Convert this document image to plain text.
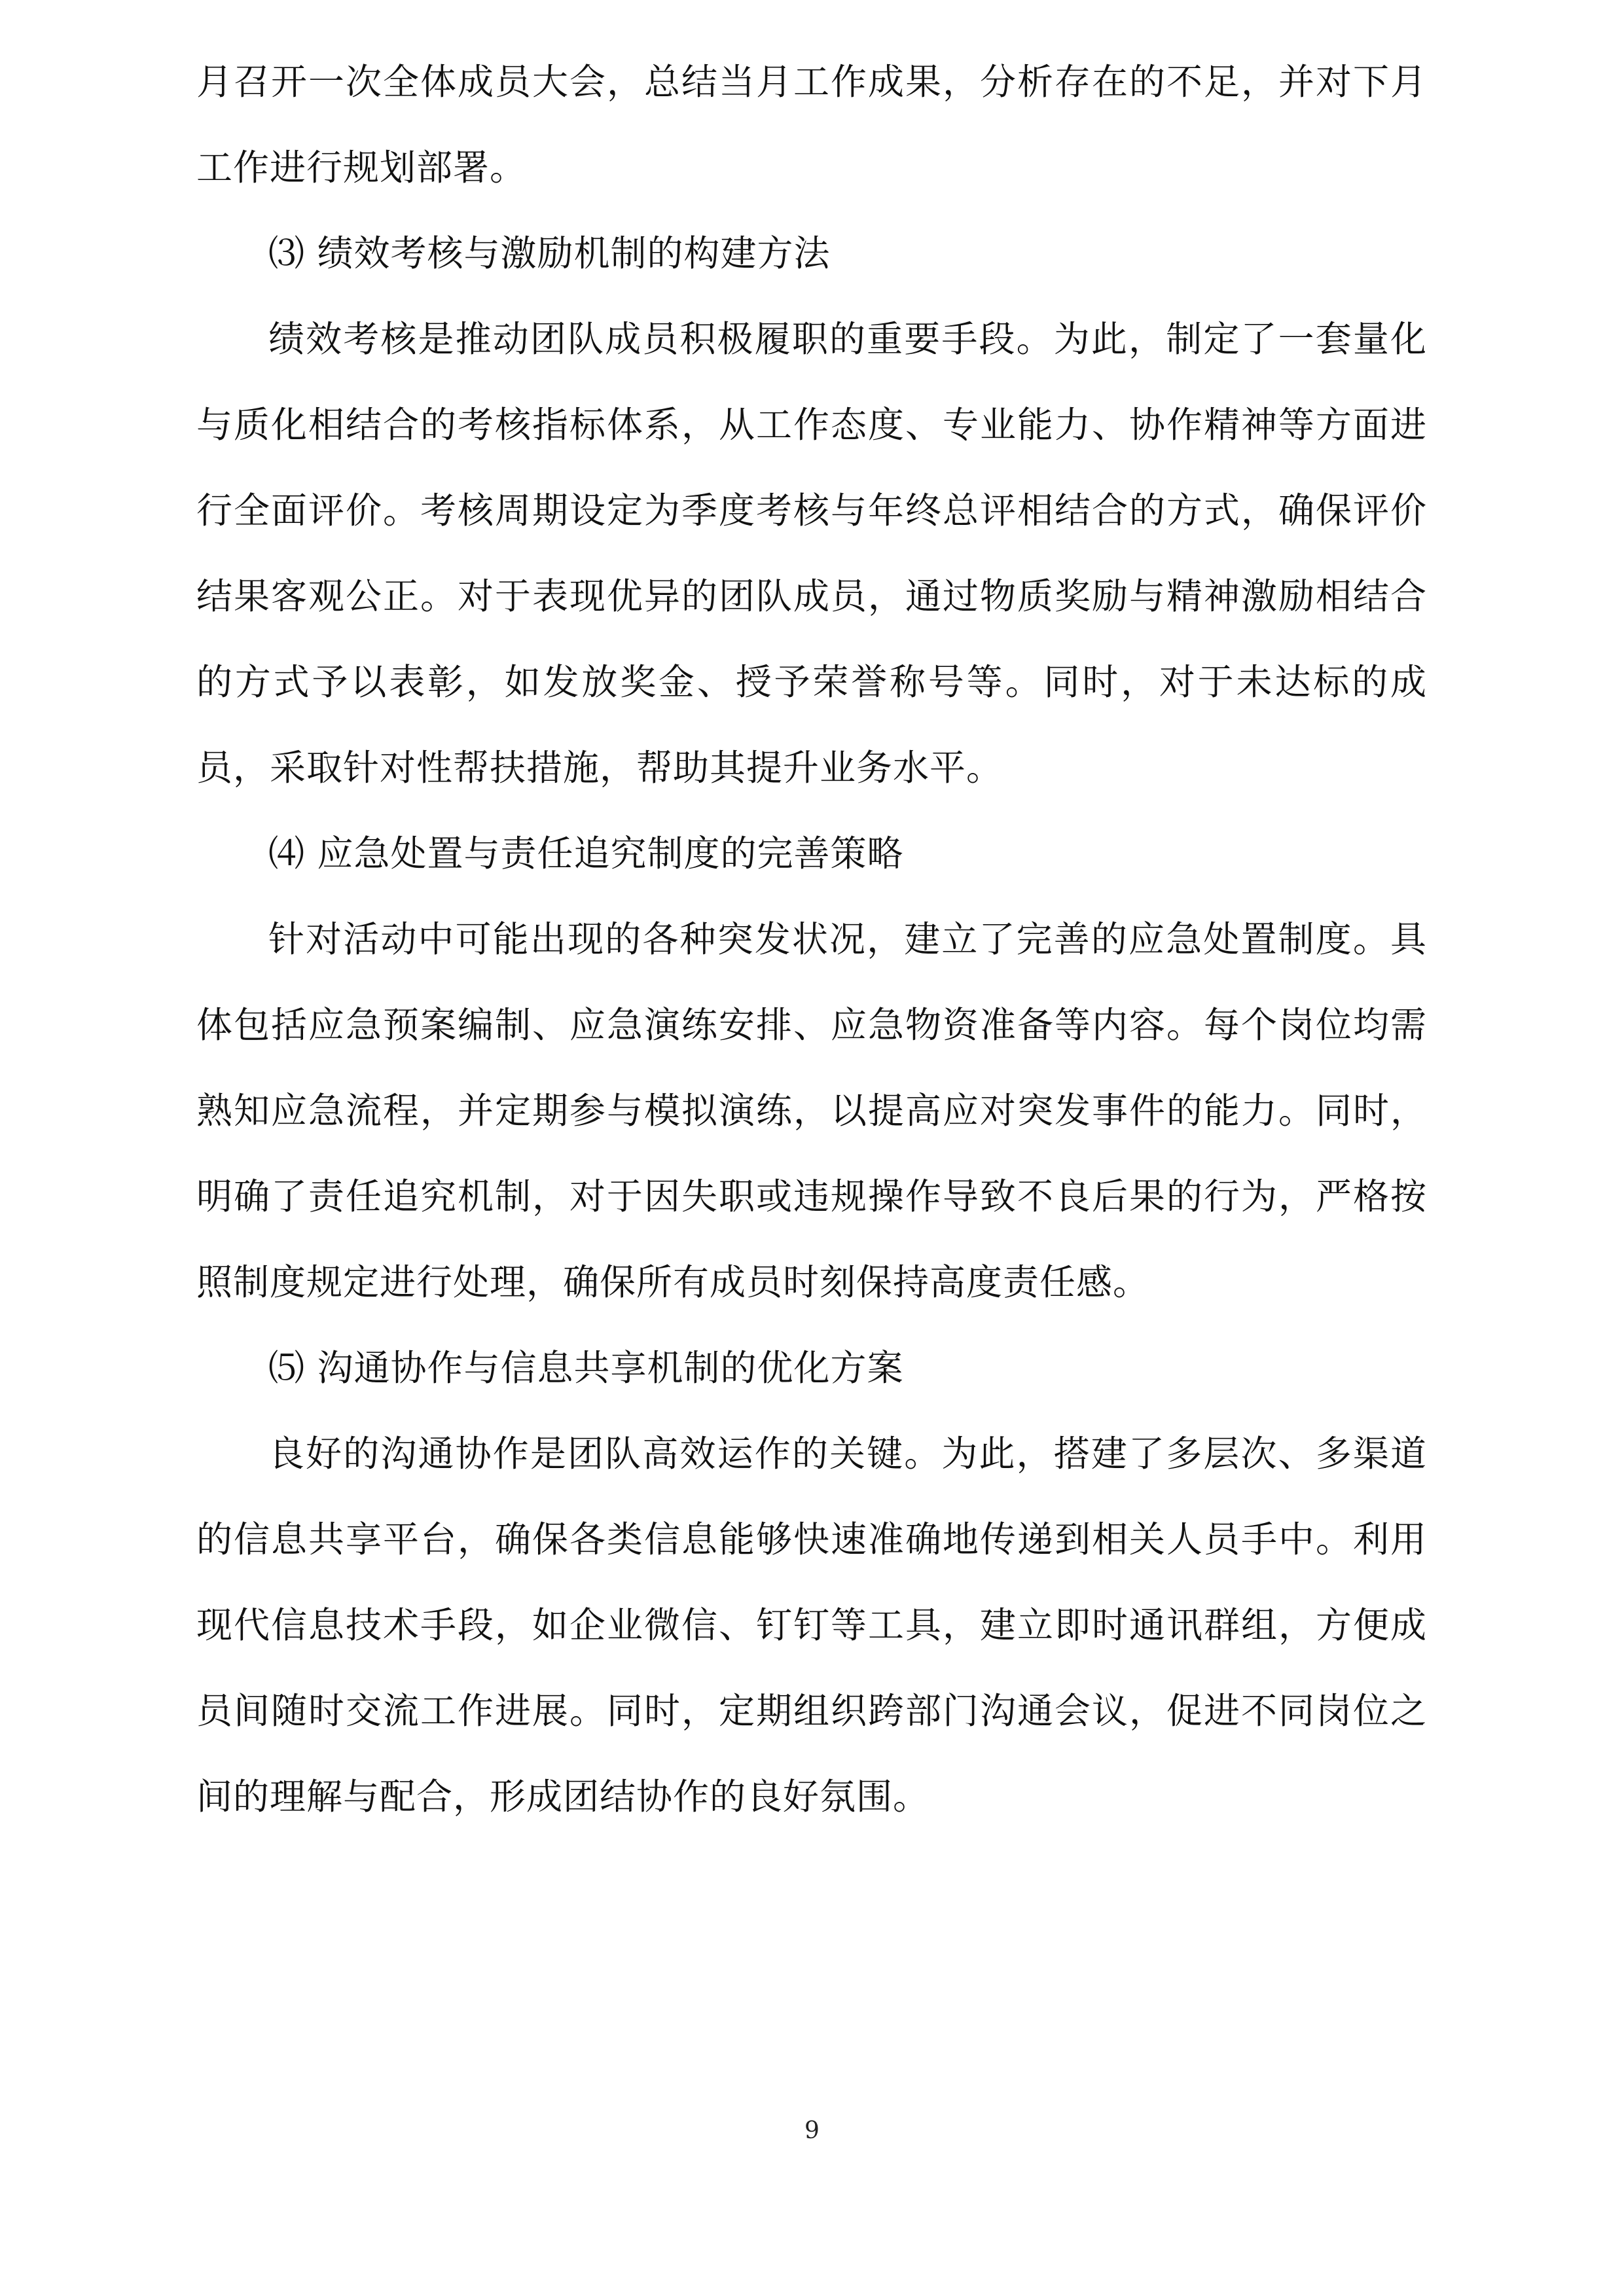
月召开一次全体成员大会，总结当月工作成果，分析存在的不足，并对下月工作进行规划部署。

⑶ 绩效考核与激励机制的构建方法

绩效考核是推动团队成员积极履职的重要手段。为此，制定了一套量化与质化相结合的考核指标体系，从工作态度、专业能力、协作精神等方面进行全面评价。考核周期设定为季度考核与年终总评相结合的方式，确保评价结果客观公正。对于表现优异的团队成员，通过物质奖励与精神激励相结合的方式予以表彰，如发放奖金、授予荣誉称号等。同时，对于未达标的成员，采取针对性帮扶措施，帮助其提升业务水平。

⑷ 应急处置与责任追究制度的完善策略

针对活动中可能出现的各种突发状况，建立了完善的应急处置制度。具体包括应急预案编制、应急演练安排、应急物资准备等内容。每个岗位均需熟知应急流程，并定期参与模拟演练，以提高应对突发事件的能力。同时，明确了责任追究机制，对于因失职或违规操作导致不良后果的行为，严格按照制度规定进行处理，确保所有成员时刻保持高度责任感。

⑸ 沟通协作与信息共享机制的优化方案

良好的沟通协作是团队高效运作的关键。为此，搭建了多层次、多渠道的信息共享平台，确保各类信息能够快速准确地传递到相关人员手中。利用现代信息技术手段，如企业微信、钉钉等工具，建立即时通讯群组，方便成员间随时交流工作进展。同时，定期组织跨部门沟通会议，促进不同岗位之间的理解与配合，形成团结协作的良好氛围。

9
